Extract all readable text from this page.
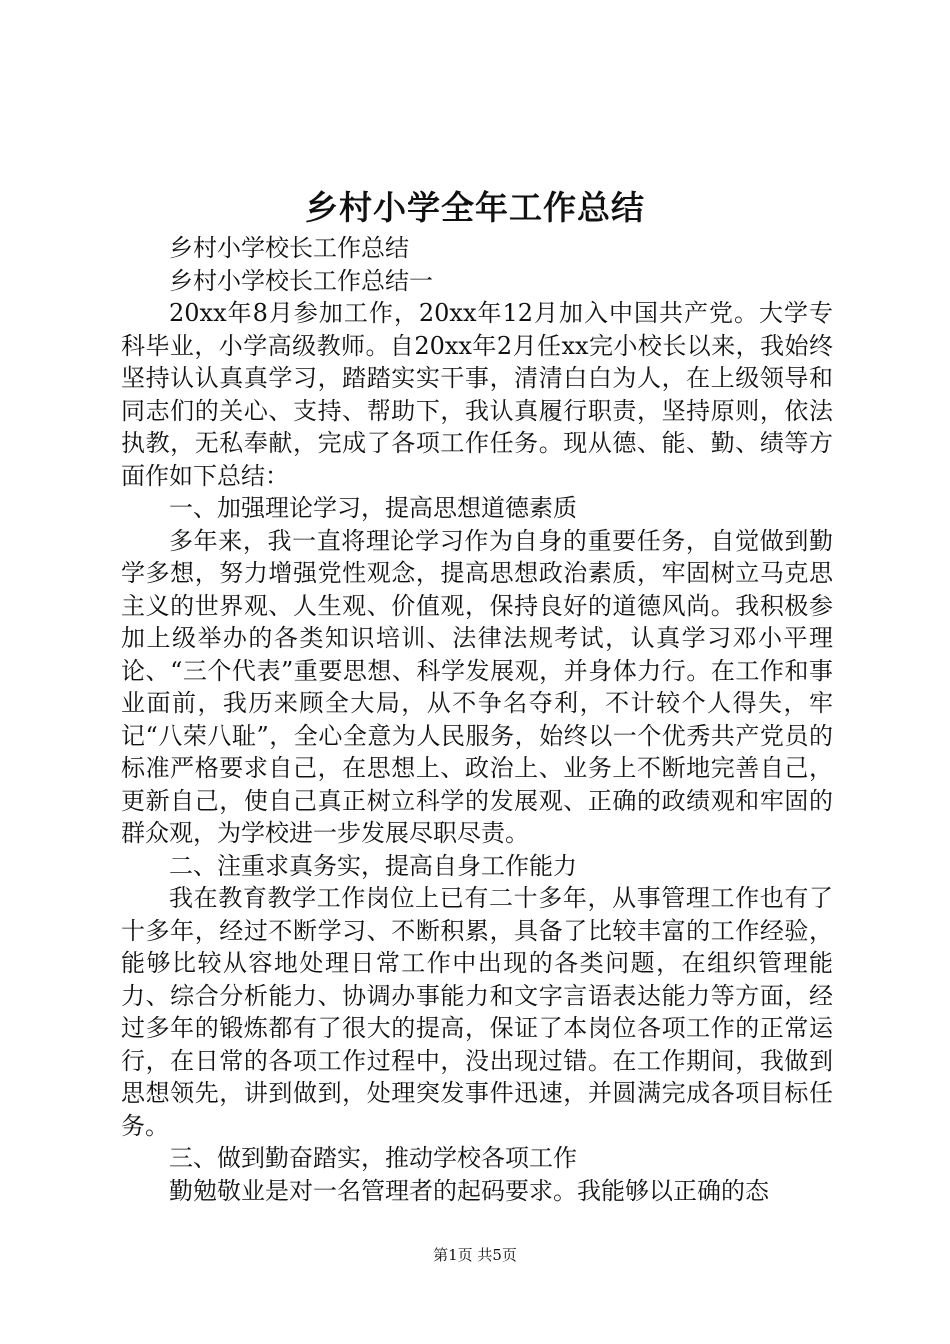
乡村小学全年工作总结

乡村小学校长工作总结

乡村小学校长工作总结一

20xx年8月参加工作，20xx年12月加入中国共产党。大学专科毕业，小学高级教师。自20xx年2月任xx完小校长以来，我始终坚持认认真真学习，踏踏实实干事，清清白白为人，在上级领导和同志们的关心、支持、帮助下，我认真履行职责，坚持原则，依法执教，无私奉献，完成了各项工作任务。现从德、能、勤、绩等方面作如下总结：

一、加强理论学习，提高思想道德素质

多年来，我一直将理论学习作为自身的重要任务，自觉做到勤学多想，努力增强党性观念，提高思想政治素质，牢固树立马克思主义的世界观、人生观、价值观，保持良好的道德风尚。我积极参加上级举办的各类知识培训、法律法规考试，认真学习邓小平理论、“三个代表”重要思想、科学发展观，并身体力行。在工作和事业面前，我历来顾全大局，从不争名夺利，不计较个人得失，牢记“八荣八耻”，全心全意为人民服务，始终以一个优秀共产党员的标准严格要求自己，在思想上、政治上、业务上不断地完善自己，更新自己，使自己真正树立科学的发展观、正确的政绩观和牢固的群众观，为学校进一步发展尽职尽责。

二、注重求真务实，提高自身工作能力

我在教育教学工作岗位上已有二十多年，从事管理工作也有了十多年，经过不断学习、不断积累，具备了比较丰富的工作经验，能够比较从容地处理日常工作中出现的各类问题，在组织管理能力、综合分析能力、协调办事能力和文字言语表达能力等方面，经过多年的锻炼都有了很大的提高，保证了本岗位各项工作的正常运行，在日常的各项工作过程中，没出现过错。在工作期间，我做到思想领先，讲到做到，处理突发事件迅速，并圆满完成各项目标任务。

三、做到勤奋踏实，推动学校各项工作

勤勉敬业是对一名管理者的起码要求。我能够以正确的态

第1页 共5页
